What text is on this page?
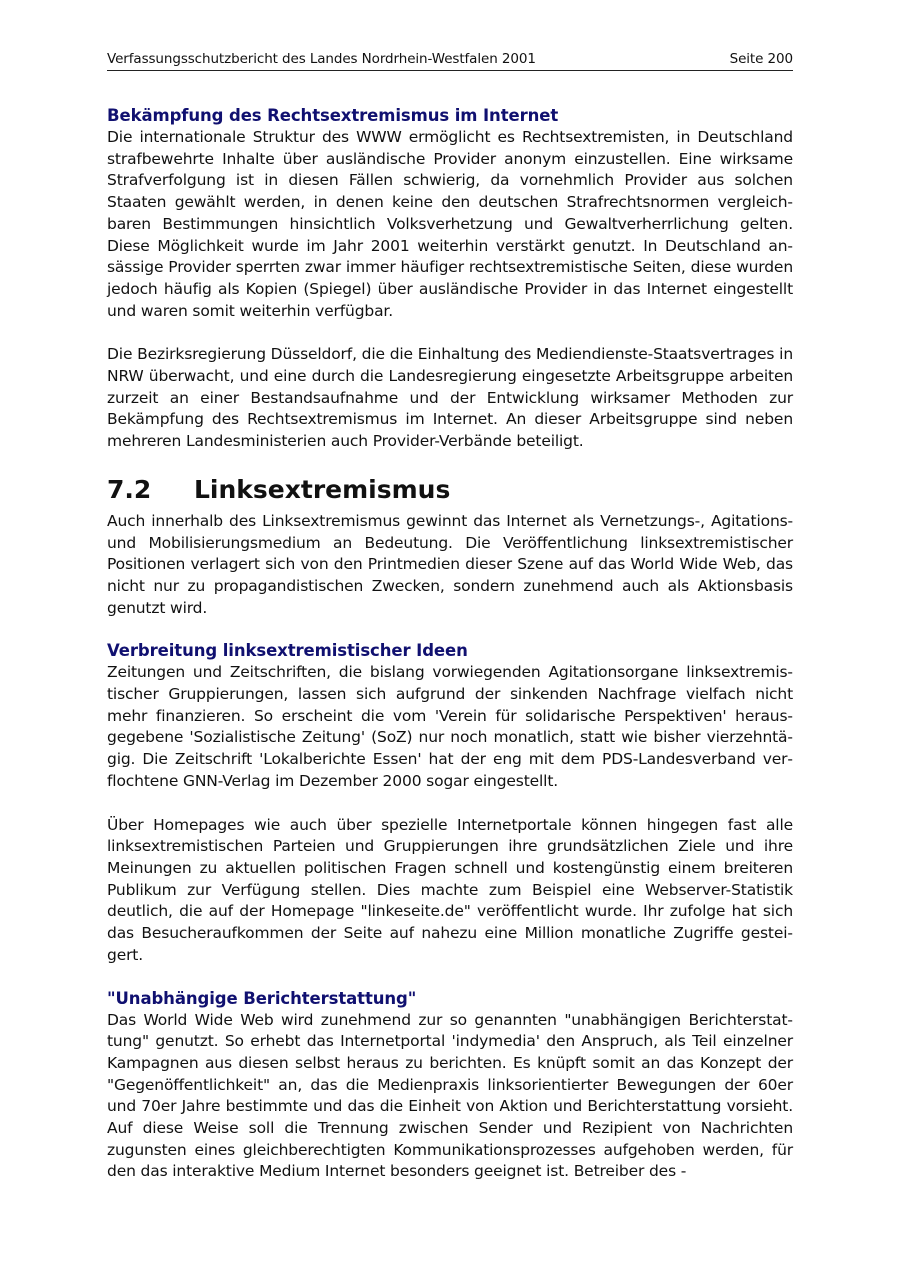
Verfassungsschutzbericht des Landes Nordrhein-Westfalen 2001	Seite 200
Bekämpfung des Rechtsextremismus im Internet

Die internationale Struktur des WWW ermöglicht es Rechtsextremisten, in Deutschland strafbewehrte Inhalte über ausländische Provider anonym einzustellen. Eine wirksame Strafverfolgung ist in diesen Fällen schwierig, da vornehmlich Provider aus solchen Staaten gewählt werden, in denen keine den deutschen Strafrechtsnormen vergleichbaren Bestimmungen hinsichtlich Volksverhetzung und Gewaltverherrlichung gelten. Diese Möglichkeit wurde im Jahr 2001 weiterhin verstärkt genutzt. In Deutschland ansässige Provider sperrten zwar immer häufiger rechtsextremistische Seiten, diese wurden jedoch häufig als Kopien (Spiegel) über ausländische Provider in das Internet eingestellt und waren somit weiterhin verfügbar.

Die Bezirksregierung Düsseldorf, die die Einhaltung des Mediendienste-Staatsvertrages in NRW überwacht, und eine durch die Landesregierung eingesetzte Arbeitsgruppe arbeiten zurzeit an einer Bestandsaufnahme und der Entwicklung wirksamer Methoden zur Bekämpfung des Rechtsextremismus im Internet. An dieser Arbeitsgruppe sind neben mehreren Landesministerien auch Provider-Verbände beteiligt.

7.2	Linksextremismus

Auch innerhalb des Linksextremismus gewinnt das Internet als Vernetzungs-, Agitations- und Mobilisierungsmedium an Bedeutung. Die Veröffentlichung linksextremistischer Positionen verlagert sich von den Printmedien dieser Szene auf das World Wide Web, das nicht nur zu propagandistischen Zwecken, sondern zunehmend auch als Aktionsbasis genutzt wird.

Verbreitung linksextremistischer Ideen

Zeitungen und Zeitschriften, die bislang vorwiegenden Agitationsorgane linksextremistischer Gruppierungen, lassen sich aufgrund der sinkenden Nachfrage vielfach nicht mehr finanzieren. So erscheint die vom 'Verein für solidarische Perspektiven' herausgegebene 'Sozialistische Zeitung' (SoZ) nur noch monatlich, statt wie bisher vierzehntägig. Die Zeitschrift 'Lokalberichte Essen' hat der eng mit dem PDS-Landesverband verflochtene GNN-Verlag im Dezember 2000 sogar eingestellt.

Über Homepages wie auch über spezielle Internetportale können hingegen fast alle linksextremistischen Parteien und Gruppierungen ihre grundsätzlichen Ziele und ihre Meinungen zu aktuellen politischen Fragen schnell und kostengünstig einem breiteren Publikum zur Verfügung stellen. Dies machte zum Beispiel eine Webserver-Statistik deutlich, die auf der Homepage "linkeseite.de" veröffentlicht wurde. Ihr zufolge hat sich das Besucheraufkommen der Seite auf nahezu eine Million monatliche Zugriffe gesteigert.

"Unabhängige Berichterstattung"

Das World Wide Web wird zunehmend zur so genannten "unabhängigen Berichterstattung" genutzt. So erhebt das Internetportal 'indymedia' den Anspruch, als Teil einzelner Kampagnen aus diesen selbst heraus zu berichten. Es knüpft somit an das Konzept der "Gegenöffentlichkeit" an, das die Medienpraxis linksorientierter Bewegungen der 60er und 70er Jahre bestimmte und das die Einheit von Aktion und Berichterstattung vorsieht. Auf diese Weise soll die Trennung zwischen Sender und Rezipient von Nachrichten zugunsten eines gleichberechtigten Kommunikationsprozesses aufgehoben werden, für den das interaktive Medium Internet besonders geeignet ist. Betreiber des -
